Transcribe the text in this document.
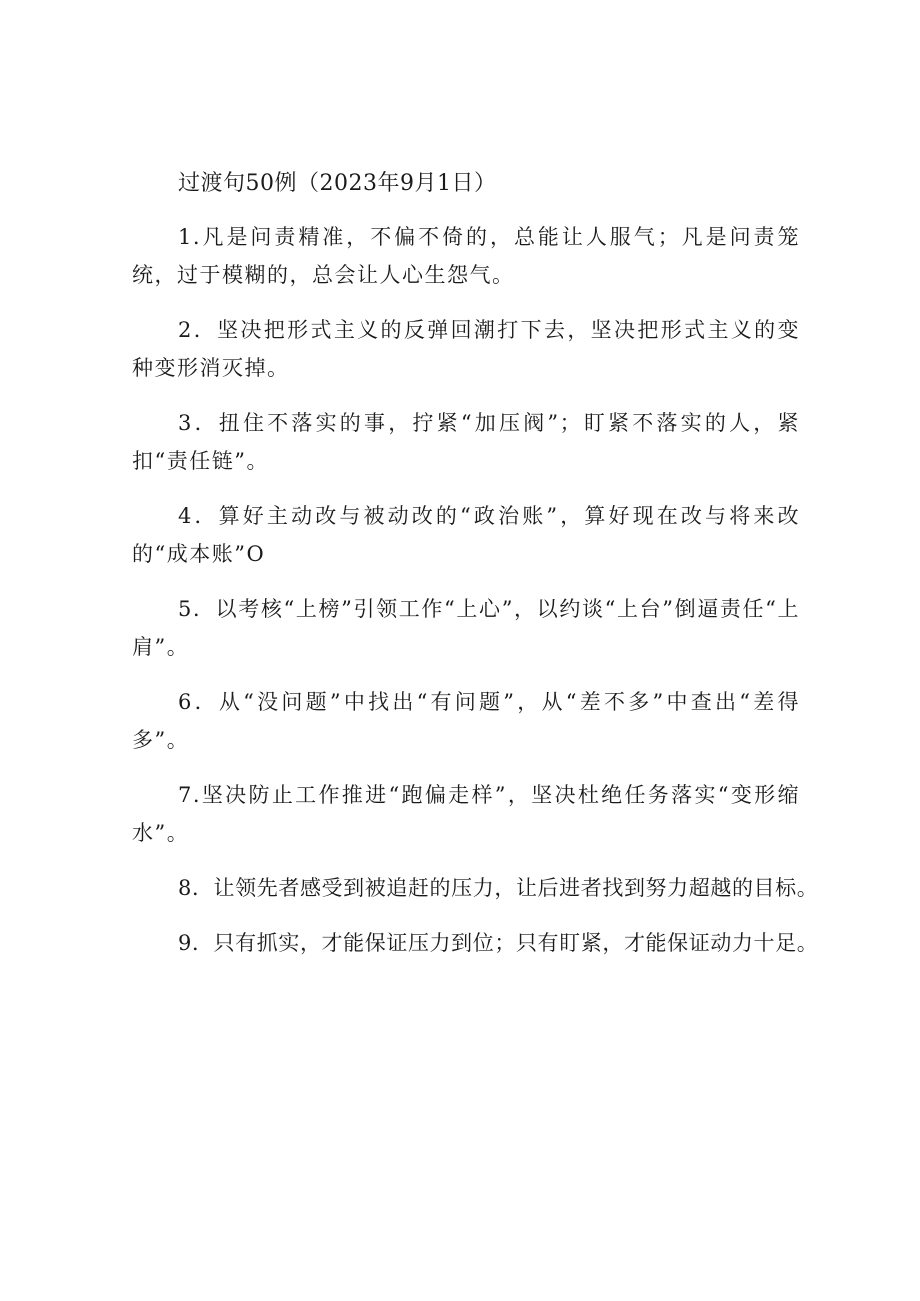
过渡句50例（2023年9月1日）

1.凡是问责精准，不偏不倚的，总能让人服气；凡是问责笼统，过于模糊的，总会让人心生怨气。

2．坚决把形式主义的反弹回潮打下去，坚决把形式主义的变种变形消灭掉。

3．扭住不落实的事，拧紧“加压阀”；盯紧不落实的人，紧扣“责任链”。

4．算好主动改与被动改的“政治账”，算好现在改与将来改的“成本账”O

5．以考核“上榜”引领工作“上心”，以约谈“上台”倒逼责任“上肩”。

6．从“没问题”中找出“有问题”，从“差不多”中查出“差得多”。

7.坚决防止工作推进“跑偏走样”，坚决杜绝任务落实“变形缩水”。

8．让领先者感受到被追赶的压力，让后进者找到努力超越的目标。

9．只有抓实，才能保证压力到位；只有盯紧，才能保证动力十足。
